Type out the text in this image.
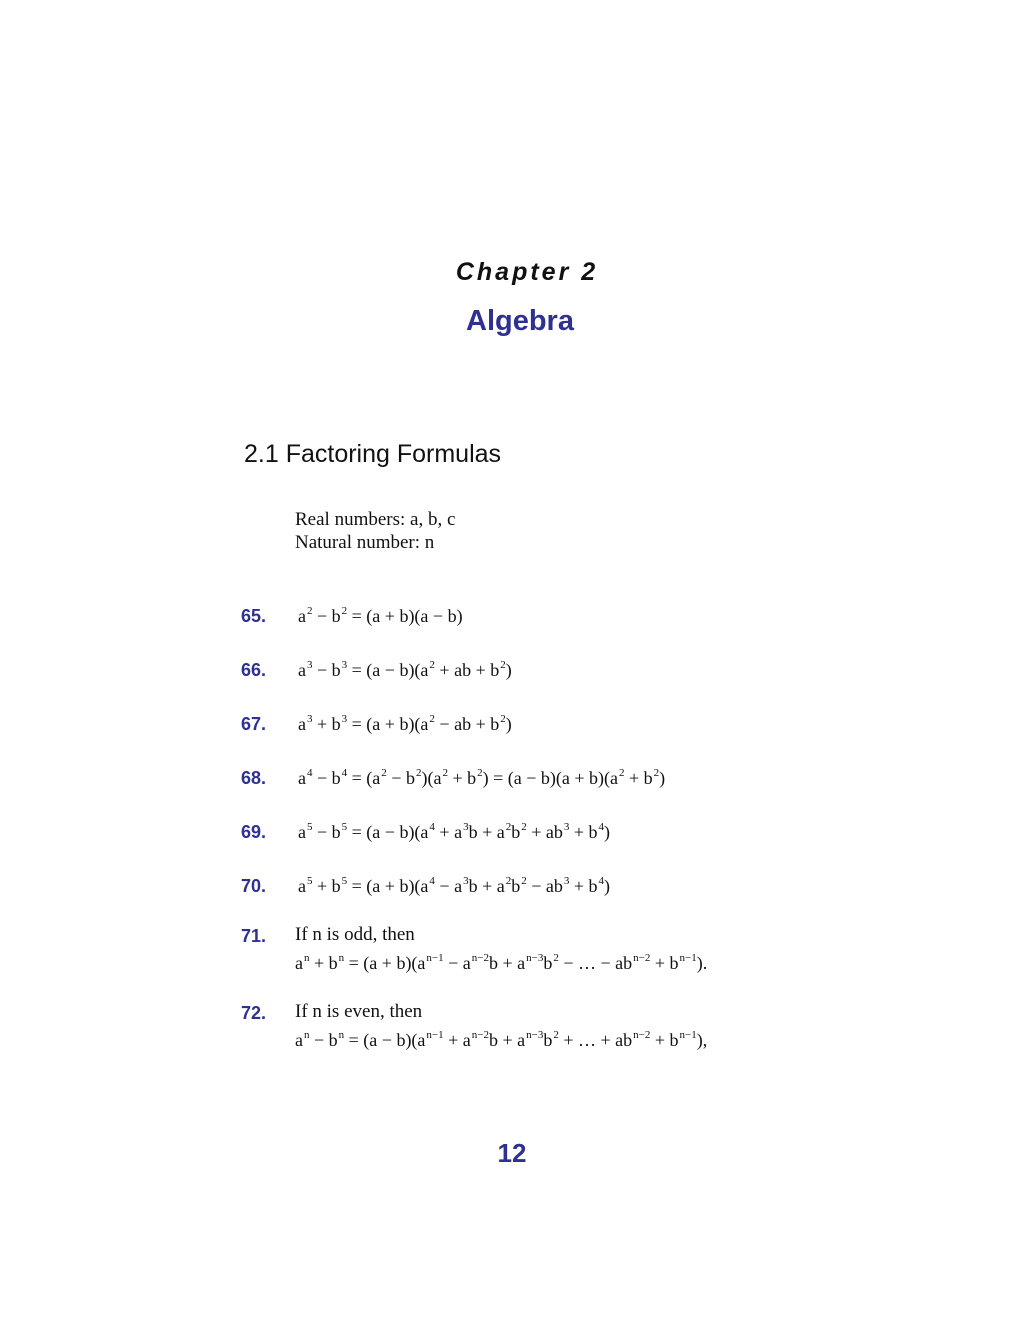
Chapter 2
Algebra
2.1 Factoring Formulas
Real numbers: a, b, c
Natural number: n
65. $a^2 - b^2 = (a + b)(a - b)$
66. $a^3 - b^3 = (a - b)(a^2$ + ab + $b^2$)
67. $a^3 + b^3 = (a + b)(a^2$ − ab + $b^2$)
68. $a^4 - b^4 = (a^2 - b^2)(a^2 + b^2) = (a - b)(a + b)(a^2 + b^2)$
69. $a^5 - b^5 = (a - b)(a^4 + a^3b + a^2b^2 + ab^3 + b^4)$
70. $a^5 + b^5 = (a + b)(a^4 - a^3b + a^2b^2 - ab^3 + b^4)$
71. If n is odd, then
$a^n + b^n = (a + b)(a^{n-1} - a^{n-2}b + a^{n-3}b^2$ − … − $ab^{n-2} + b^{n-1}$).
72. If n is even, then
$a^n - b^n = (a - b)(a^{n-1} + a^{n-2}b + a^{n-3}b^2$ + … + $ab^{n-2} + b^{n-1}$),
12
